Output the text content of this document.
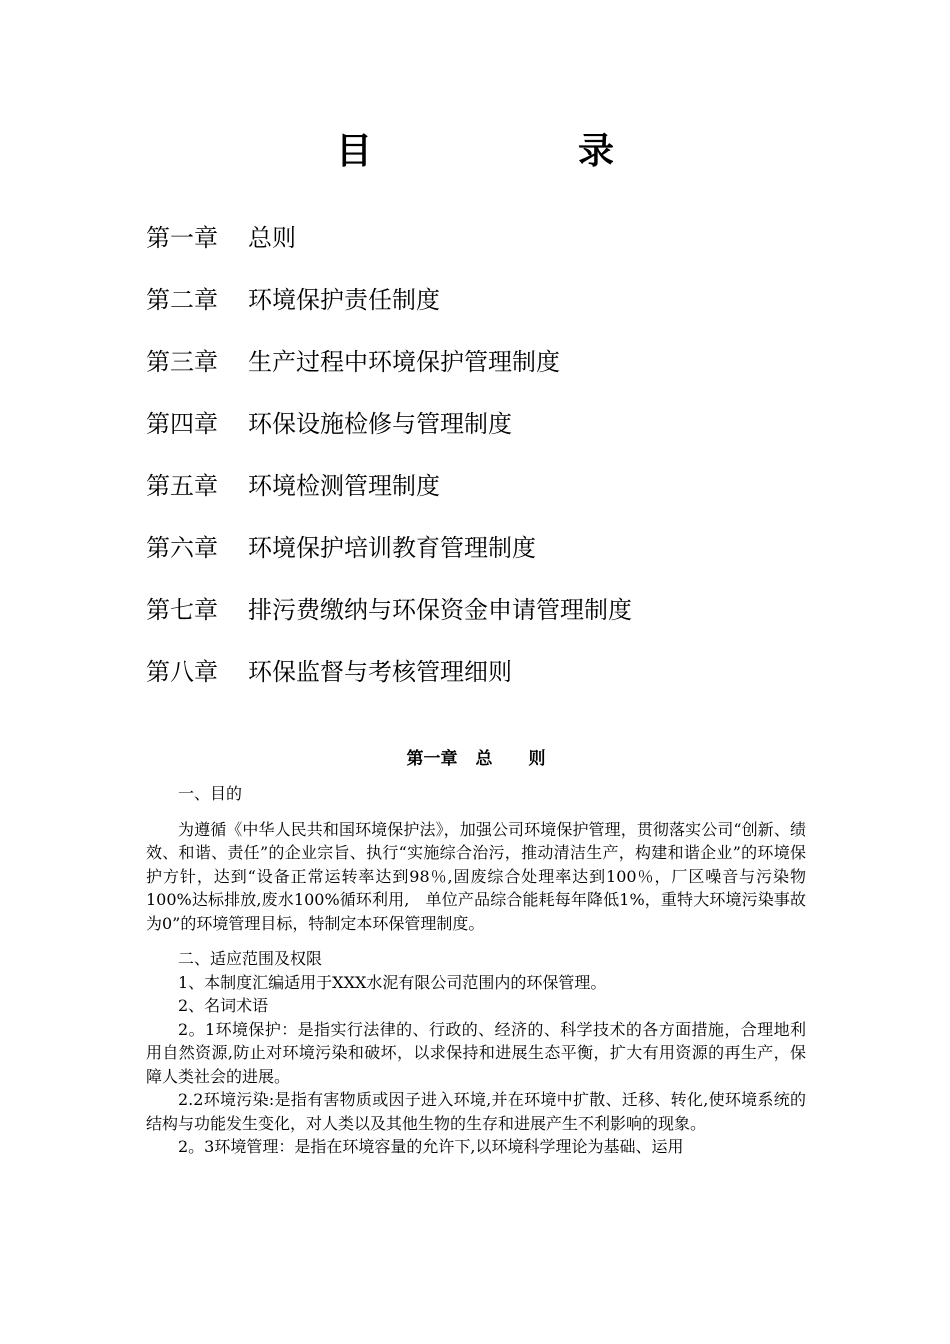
目	录
第一章 总则
第二章 环境保护责任制度
第三章 生产过程中环境保护管理制度
第四章 环保设施检修与管理制度
第五章 环境检测管理制度
第六章 环境保护培训教育管理制度
第七章 排污费缴纳与环保资金申请管理制度
第八章 环保监督与考核管理细则
第一章 总 则

一、目的

为遵循《中华人民共和国环境保护法》，加强公司环境保护管理，贯彻落实公司“创新、绩效、和谐、责任”的企业宗旨、执行“实施综合治污，推动清洁生产，构建和谐企业”的环境保护方针，达到“设备正常运转率达到98％,固废综合处理率达到100％，厂区噪音与污染物100%达标排放,废水100%循环利用,　单位产品综合能耗每年降低1%，重特大环境污染事故为0”的环境管理目标，特制定本环保管理制度。

二、适应范围及权限

1、本制度汇编适用于XXX水泥有限公司范围内的环保管理。

2、名词术语

2。1环境保护：是指实行法律的、行政的、经济的、科学技术的各方面措施，合理地利用自然资源,防止对环境污染和破坏，以求保持和进展生态平衡，扩大有用资源的再生产，保障人类社会的进展。

2.2环境污染:是指有害物质或因子进入环境,并在环境中扩散、迁移、转化,使环境系统的结构与功能发生变化，对人类以及其他生物的生存和进展产生不利影响的现象。

2。3环境管理：是指在环境容量的允许下,以环境科学理论为基础、运用
